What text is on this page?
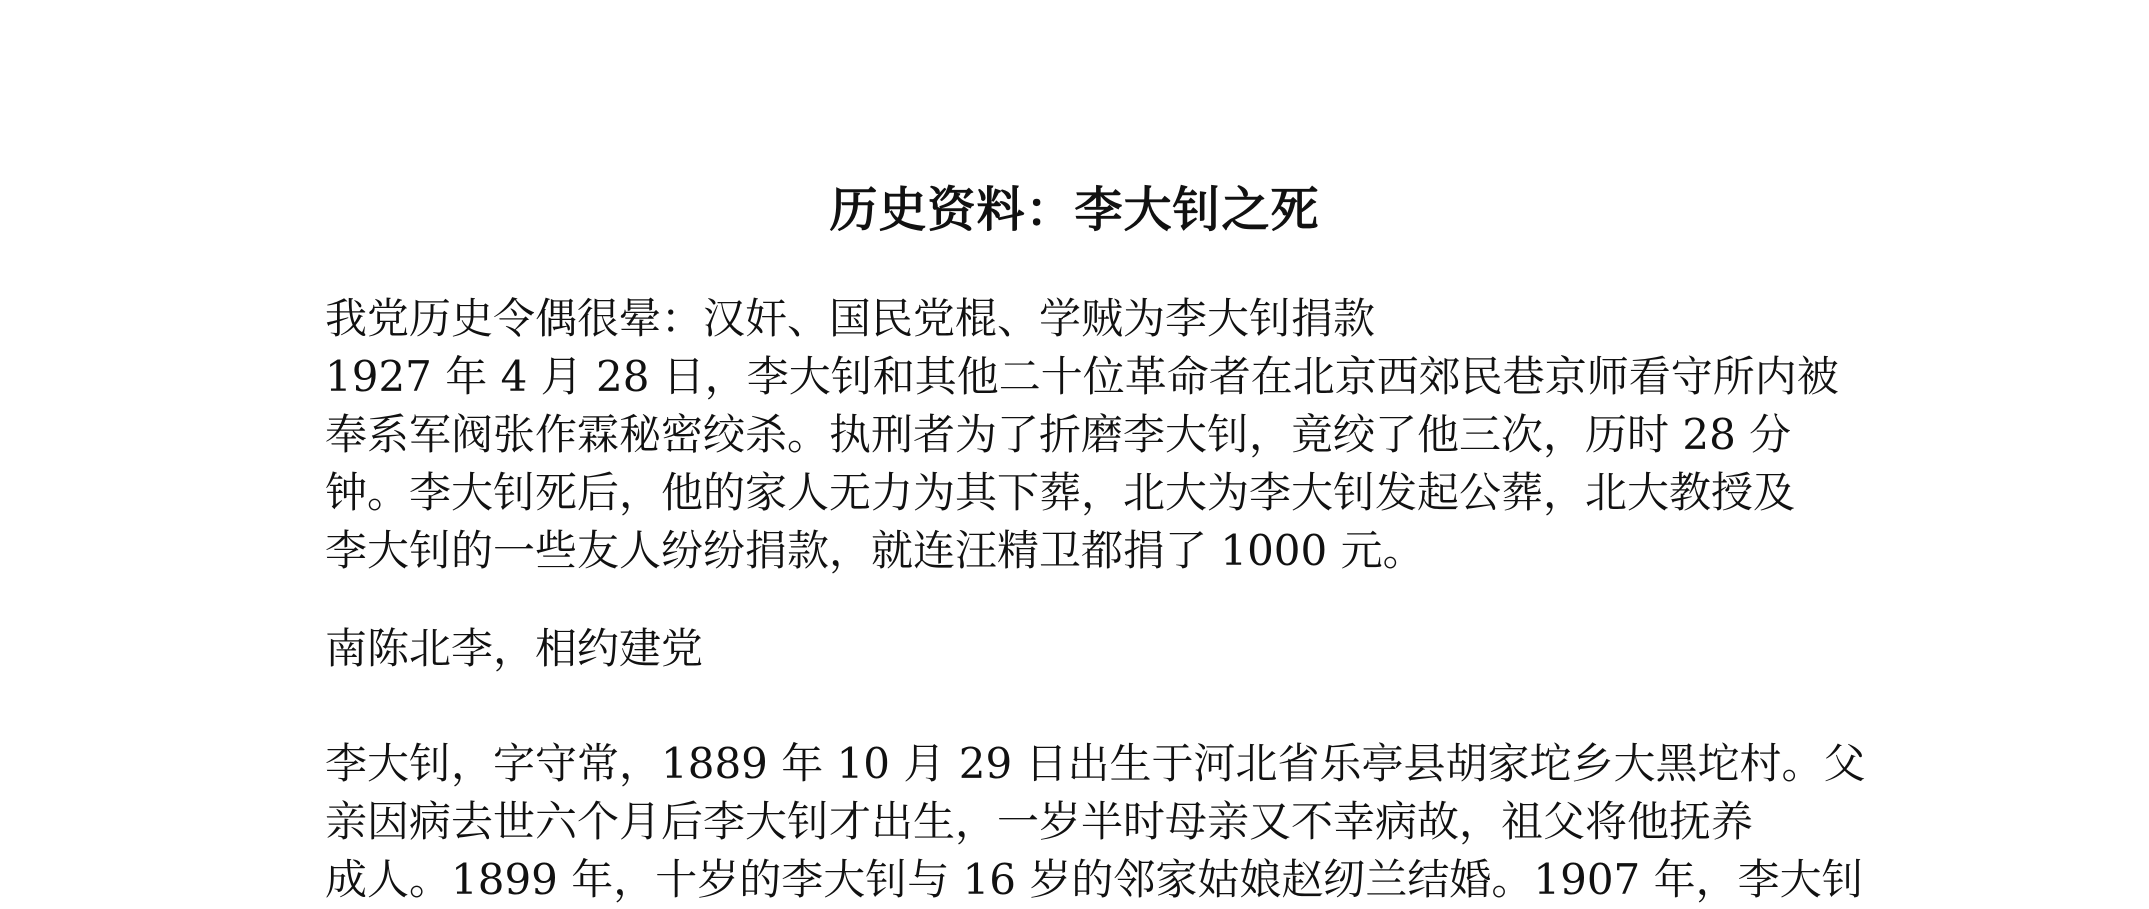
历史资料：李大钊之死
我党历史令偶很晕：汉奸、国民党棍、学贼为李大钊捐款
1927 年 4 月 28 日，李大钊和其他二十位革命者在北京西郊民巷京师看守所内被
奉系军阀张作霖秘密绞杀。执刑者为了折磨李大钊，竟绞了他三次，历时 28 分
钟。李大钊死后，他的家人无力为其下葬，北大为李大钊发起公葬，北大教授及
李大钊的一些友人纷纷捐款，就连汪精卫都捐了 1000 元。
南陈北李，相约建党
李大钊，字守常，1889 年 10 月 29 日出生于河北省乐亭县胡家坨乡大黑坨村。父
亲因病去世六个月后李大钊才出生，一岁半时母亲又不幸病故，祖父将他抚养
成人。1899 年，十岁的李大钊与 16 岁的邻家姑娘赵纫兰结婚。1907 年，李大钊
